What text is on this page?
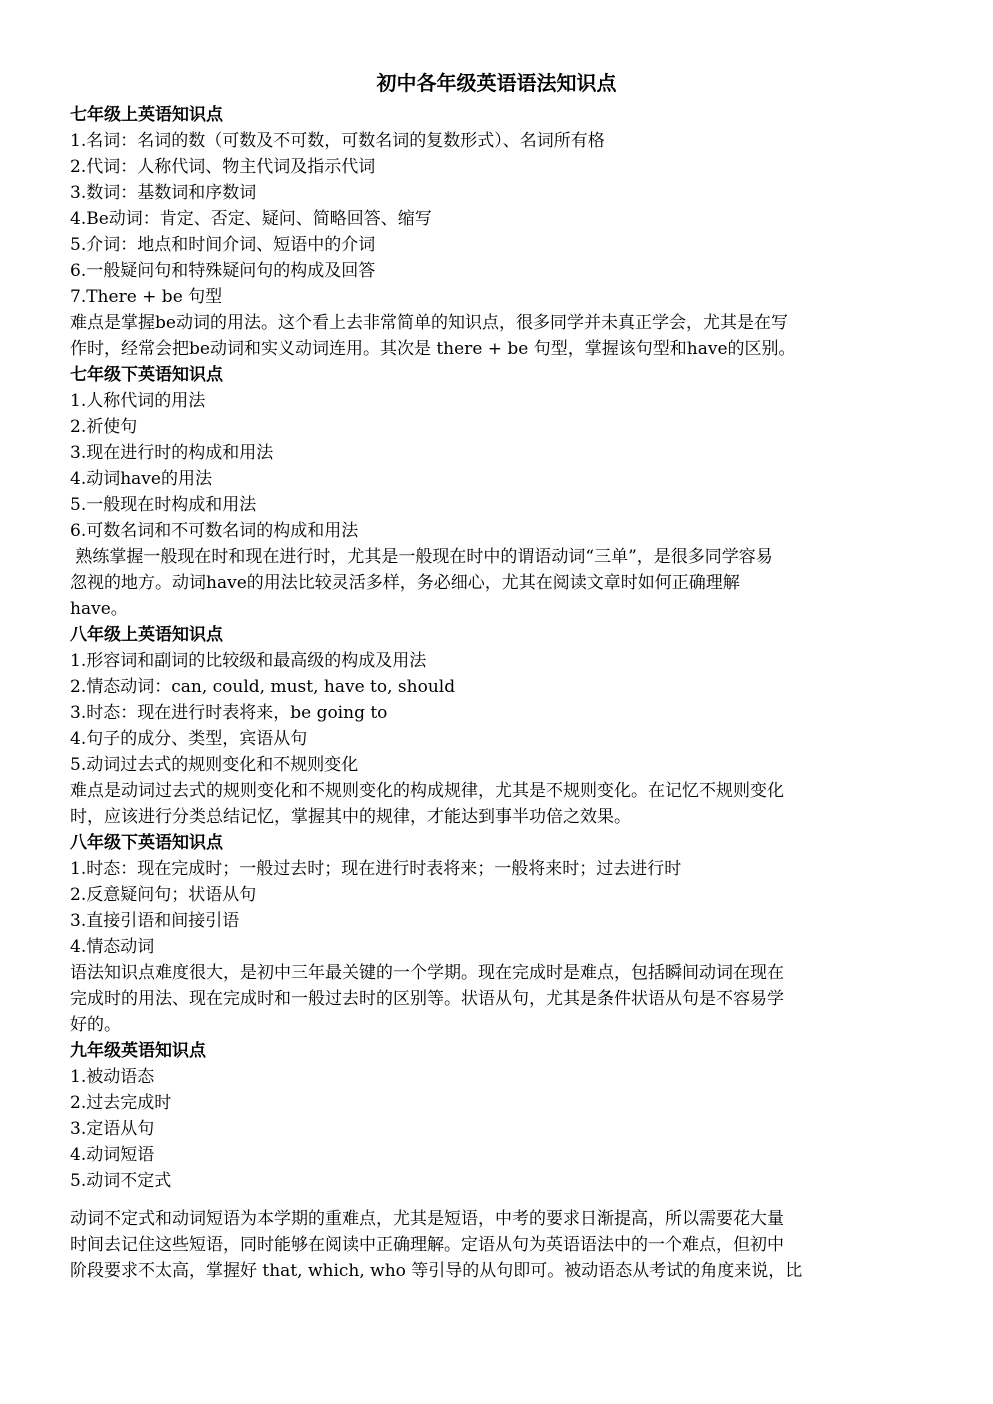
初中各年级英语语法知识点
七年级上英语知识点
1.名词：名词的数（可数及不可数，可数名词的复数形式）、名词所有格
2.代词：人称代词、物主代词及指示代词
3.数词：基数词和序数词
4.Be动词：肯定、否定、疑问、简略回答、缩写
5.介词：地点和时间介词、短语中的介词
6.一般疑问句和特殊疑问句的构成及回答
7.There + be 句型
难点是掌握be动词的用法。这个看上去非常简单的知识点，很多同学并未真正学会，尤其是在写
作时，经常会把be动词和实义动词连用。其次是 there + be 句型，掌握该句型和have的区别。
七年级下英语知识点
1.人称代词的用法
2.祈使句
3.现在进行时的构成和用法
4.动词have的用法
5.一般现在时构成和用法
6.可数名词和不可数名词的构成和用法
熟练掌握一般现在时和现在进行时，尤其是一般现在时中的谓语动词“三单”，是很多同学容易
忽视的地方。动词have的用法比较灵活多样，务必细心，尤其在阅读文章时如何正确理解
have。
八年级上英语知识点
1.形容词和副词的比较级和最高级的构成及用法
2.情态动词：can, could, must, have to, should
3.时态：现在进行时表将来，be going to
4.句子的成分、类型，宾语从句
5.动词过去式的规则变化和不规则变化
难点是动词过去式的规则变化和不规则变化的构成规律，尤其是不规则变化。在记忆不规则变化
时，应该进行分类总结记忆，掌握其中的规律，才能达到事半功倍之效果。
八年级下英语知识点
1.时态：现在完成时；一般过去时；现在进行时表将来；一般将来时；过去进行时
2.反意疑问句；状语从句
3.直接引语和间接引语
4.情态动词
语法知识点难度很大，是初中三年最关键的一个学期。现在完成时是难点，包括瞬间动词在现在
完成时的用法、现在完成时和一般过去时的区别等。状语从句，尤其是条件状语从句是不容易学
好的。
九年级英语知识点
1.被动语态
2.过去完成时
3.定语从句
4.动词短语
5.动词不定式
动词不定式和动词短语为本学期的重难点，尤其是短语，中考的要求日渐提高，所以需要花大量
时间去记住这些短语，同时能够在阅读中正确理解。定语从句为英语语法中的一个难点，但初中
阶段要求不太高，掌握好 that, which, who 等引导的从句即可。被动语态从考试的角度来说，比
